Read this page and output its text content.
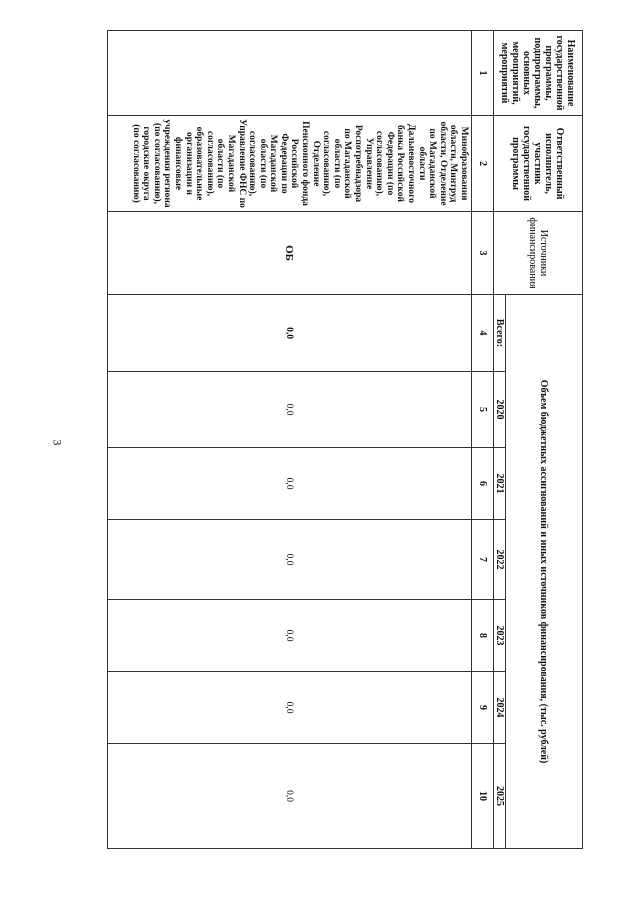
3
Наименование государственной программы, подпрограммы, основных мероприятий, мероприятий	Ответственный исполнитель, участник государственной программы	Источники финансирования	Объем бюджетных ассигнований и иных источников финансирования, (тыс. рублей)						
			Всего:	2020	2021	2022	2023	2024	2025
1	2	3	4	5	6	7	8	9	10
	Минобразования области, Минтруд области, Отделение по Магаданской области Дальневосточного банка Российской Федерации (по согласованию), Управление Роспотребнадзора по Магаданской области (по согласованию), Отделение Пенсионного фонда Российской Федерации по Магаданской области (по согласованию), Управление ФНС по Магаданской области (по согласованию), образовательные организации и финансовые учреждения региона (по согласованию), городские округа (по согласованию)	ОБ	0,0	0,0	0,0	0,0	0,0	0,0	0,0
